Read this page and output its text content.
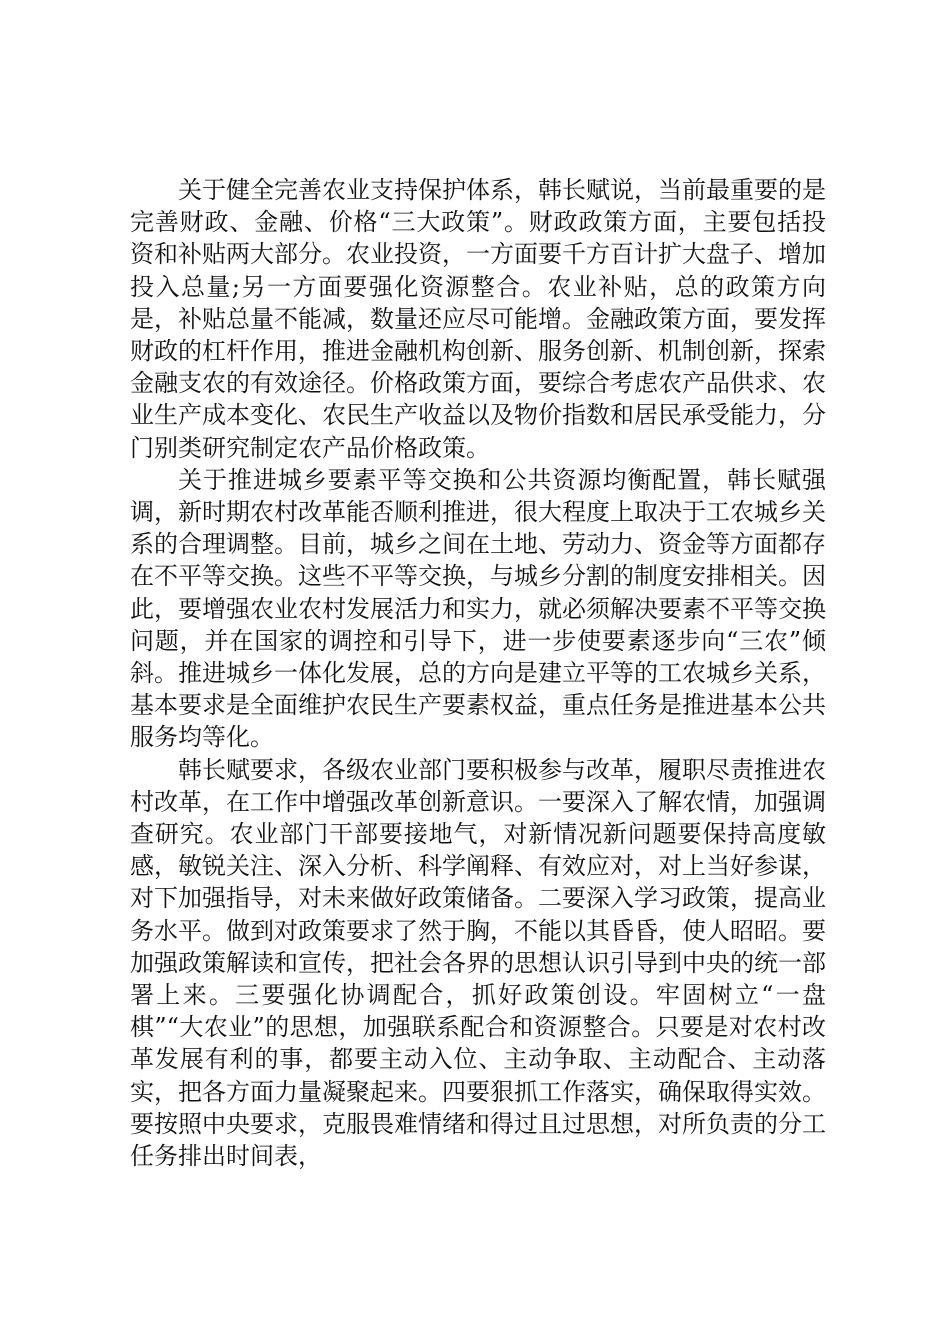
关于健全完善农业支持保护体系，韩长赋说，当前最重要的是完善财政、金融、价格“三大政策”。财政政策方面，主要包括投资和补贴两大部分。农业投资，一方面要千方百计扩大盘子、增加投入总量;另一方面要强化资源整合。农业补贴，总的政策方向是，补贴总量不能减，数量还应尽可能增。金融政策方面，要发挥财政的杠杆作用，推进金融机构创新、服务创新、机制创新，探索金融支农的有效途径。价格政策方面，要综合考虑农产品供求、农业生产成本变化、农民生产收益以及物价指数和居民承受能力，分门别类研究制定农产品价格政策。

关于推进城乡要素平等交换和公共资源均衡配置，韩长赋强调，新时期农村改革能否顺利推进，很大程度上取决于工农城乡关系的合理调整。目前，城乡之间在土地、劳动力、资金等方面都存在不平等交换。这些不平等交换，与城乡分割的制度安排相关。因此，要增强农业农村发展活力和实力，就必须解决要素不平等交换问题，并在国家的调控和引导下，进一步使要素逐步向“三农”倾斜。推进城乡一体化发展，总的方向是建立平等的工农城乡关系，基本要求是全面维护农民生产要素权益，重点任务是推进基本公共服务均等化。

韩长赋要求，各级农业部门要积极参与改革，履职尽责推进农村改革，在工作中增强改革创新意识。一要深入了解农情，加强调查研究。农业部门干部要接地气，对新情况新问题要保持高度敏感，敏锐关注、深入分析、科学阐释、有效应对，对上当好参谋，对下加强指导，对未来做好政策储备。二要深入学习政策，提高业务水平。做到对政策要求了然于胸，不能以其昏昏，使人昭昭。要加强政策解读和宣传，把社会各界的思想认识引导到中央的统一部署上来。三要强化协调配合，抓好政策创设。牢固树立“一盘棋”“大农业”的思想，加强联系配合和资源整合。只要是对农村改革发展有利的事，都要主动入位、主动争取、主动配合、主动落实，把各方面力量凝聚起来。四要狠抓工作落实，确保取得实效。要按照中央要求，克服畏难情绪和得过且过思想，对所负责的分工任务排出时间表，
